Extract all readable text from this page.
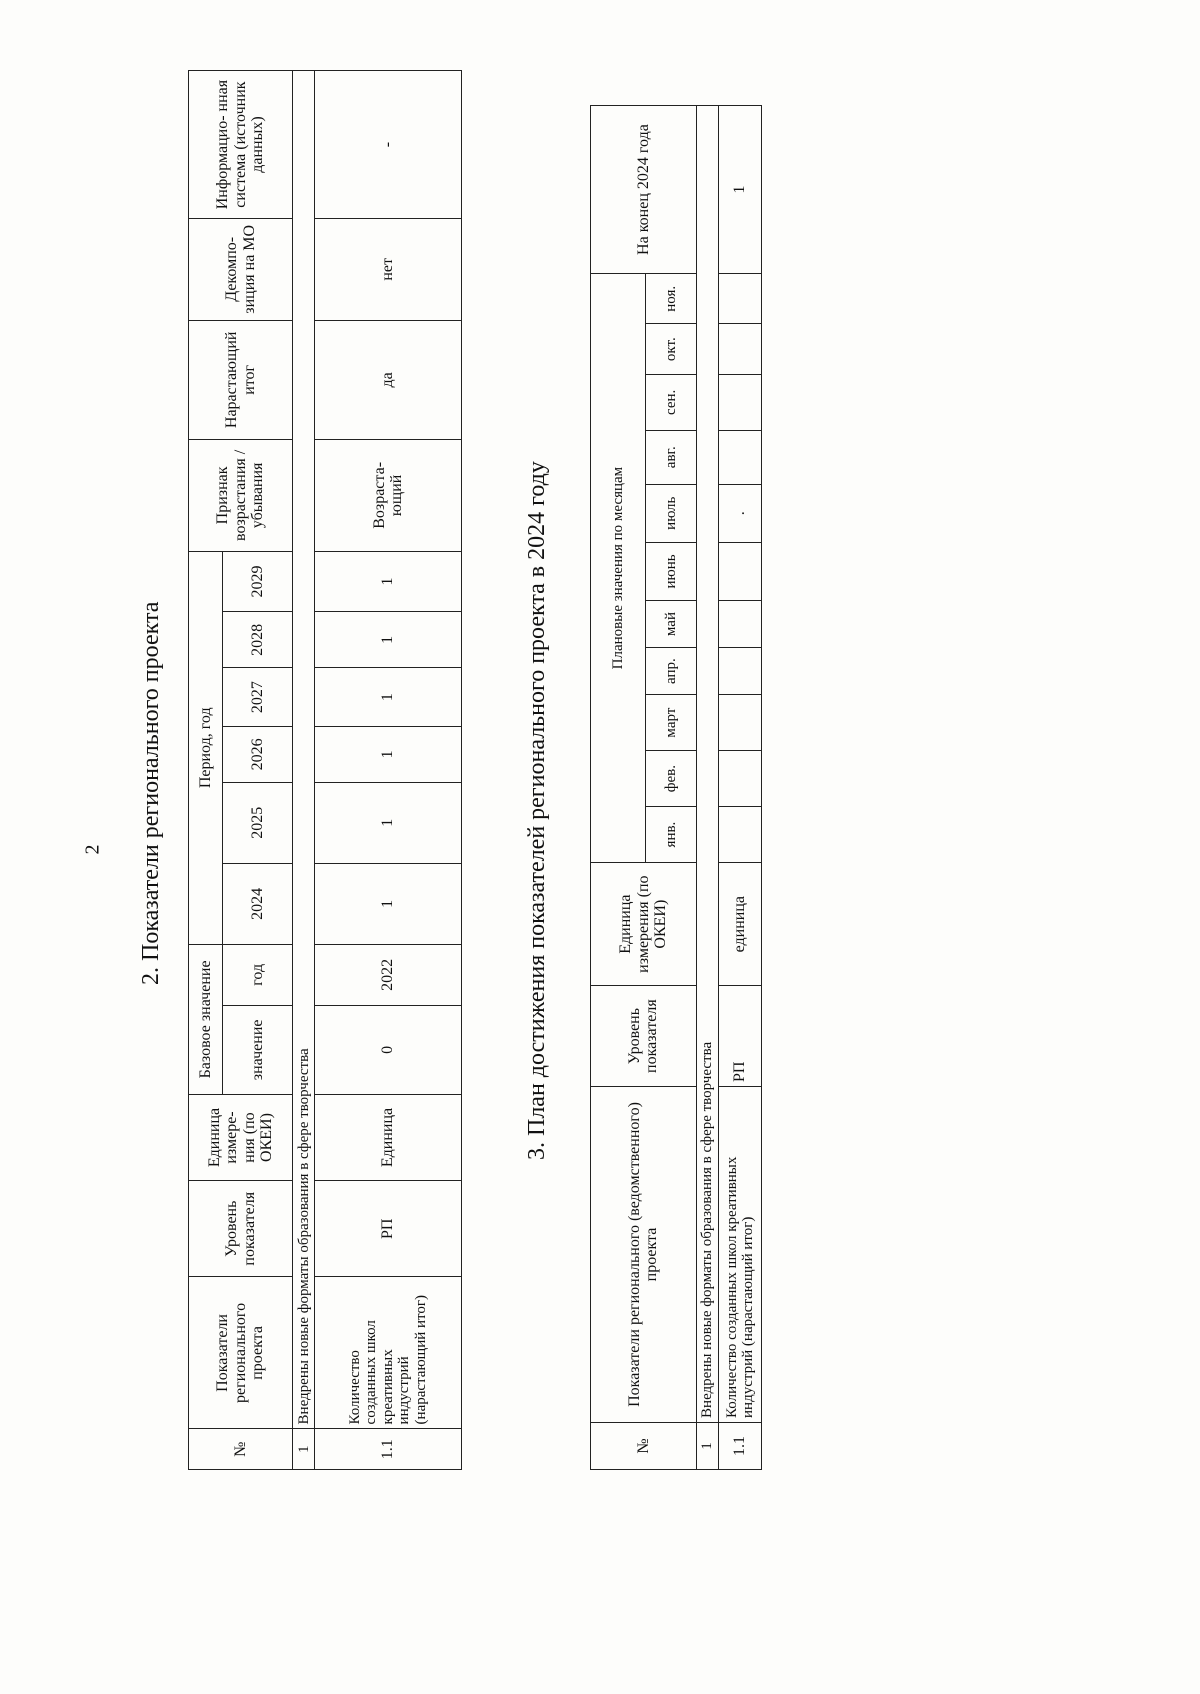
2 2. Показатели регионального проекта
№	Показатели регионального проекта	Уровень показателя	Единица измере- ния (по ОКЕИ)	Базовое значение		Период, год						Признак возрастания /убывания	Нарастающий итог	Декомпо- зиция на МО	Информацио- нная система (источник данных)
				значение	год	2024	2025	2026	2027	2028	2029				
1	Внедрены новые форматы образования в сфере творчества														
1.1	Количество созданных школ креативных индустрий (нарастающий итог)	РП	Единица	0	2022	1	1	1	1	1	1	Возраста- ющий	да	нет	-
3. План достижения показателей регионального проекта в 2024 году
№	Показатели регионального (ведомственного) проекта	Уровень показателя	Единица измерения (по ОКЕИ)	Плановые значения по месяцам											На конец 2024 года
				янв.	фев.	март	апр.	май	июнь	июль	авг.	сен.	окт.	ноя.	
1	Внедрены новые форматы образования в сфере творчества														
1.1	Количество созданных школ креативных индустрий (нарастающий итог)	РП	единица							.					1
